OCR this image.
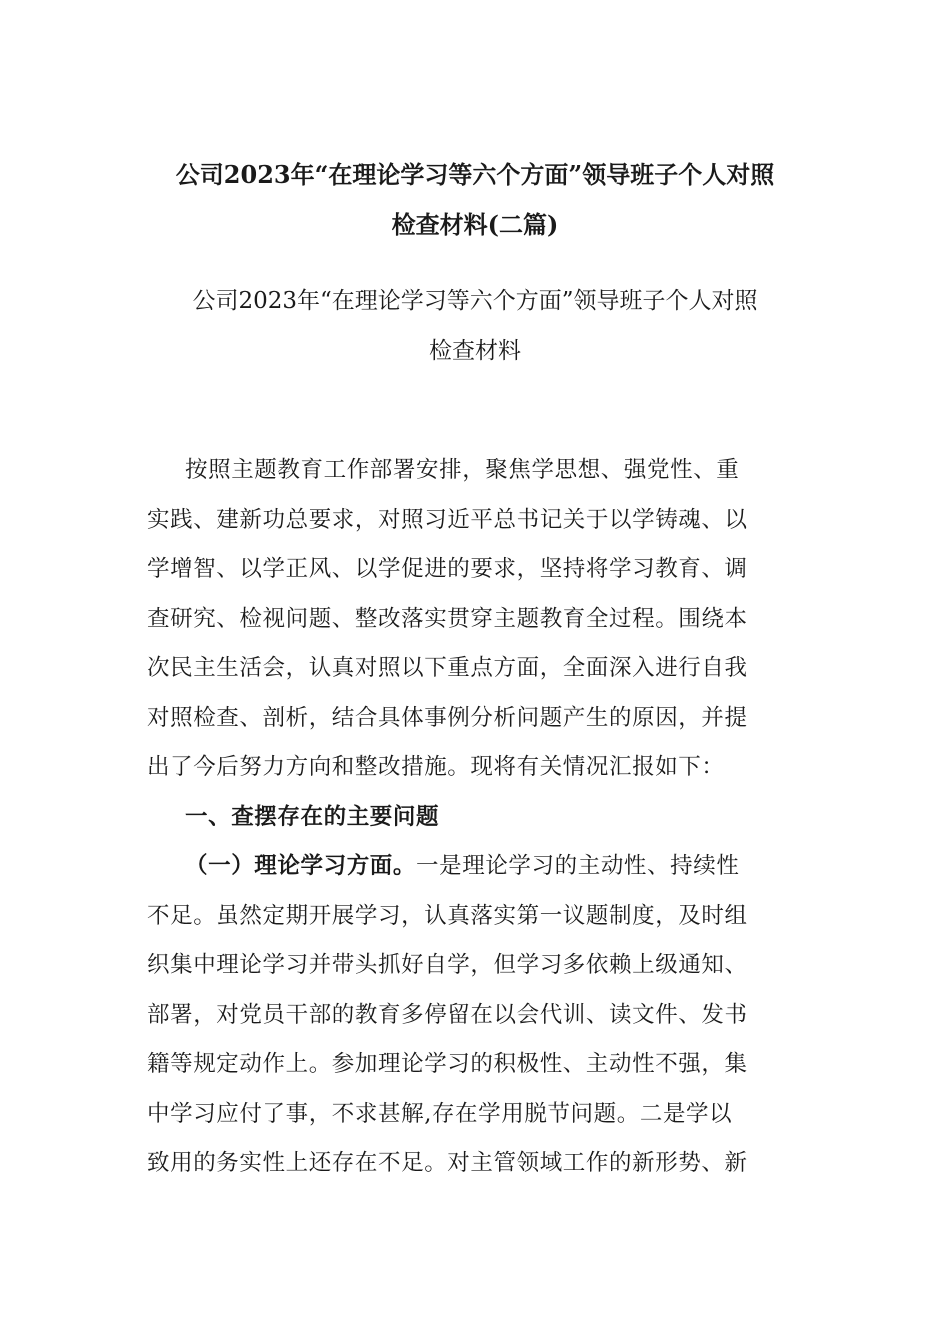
公司2023年“在理论学习等六个方面”领导班子个人对照
检查材料(二篇)
公司2023年“在理论学习等六个方面”领导班子个人对照
检查材料
按照主题教育工作部署安排，聚焦学思想、强党性、重
实践、建新功总要求，对照习近平总书记关于以学铸魂、以
学增智、以学正风、以学促进的要求，坚持将学习教育、调
查研究、检视问题、整改落实贯穿主题教育全过程。围绕本
次民主生活会，认真对照以下重点方面，全面深入进行自我
对照检查、剖析，结合具体事例分析问题产生的原因，并提
出了今后努力方向和整改措施。现将有关情况汇报如下：
一、查摆存在的主要问题
（一）理论学习方面。一是理论学习的主动性、持续性
不足。虽然定期开展学习，认真落实第一议题制度，及时组
织集中理论学习并带头抓好自学，但学习多依赖上级通知、
部署，对党员干部的教育多停留在以会代训、读文件、发书
籍等规定动作上。参加理论学习的积极性、主动性不强，集
中学习应付了事，不求甚解,存在学用脱节问题。二是学以
致用的务实性上还存在不足。对主管领域工作的新形势、新
